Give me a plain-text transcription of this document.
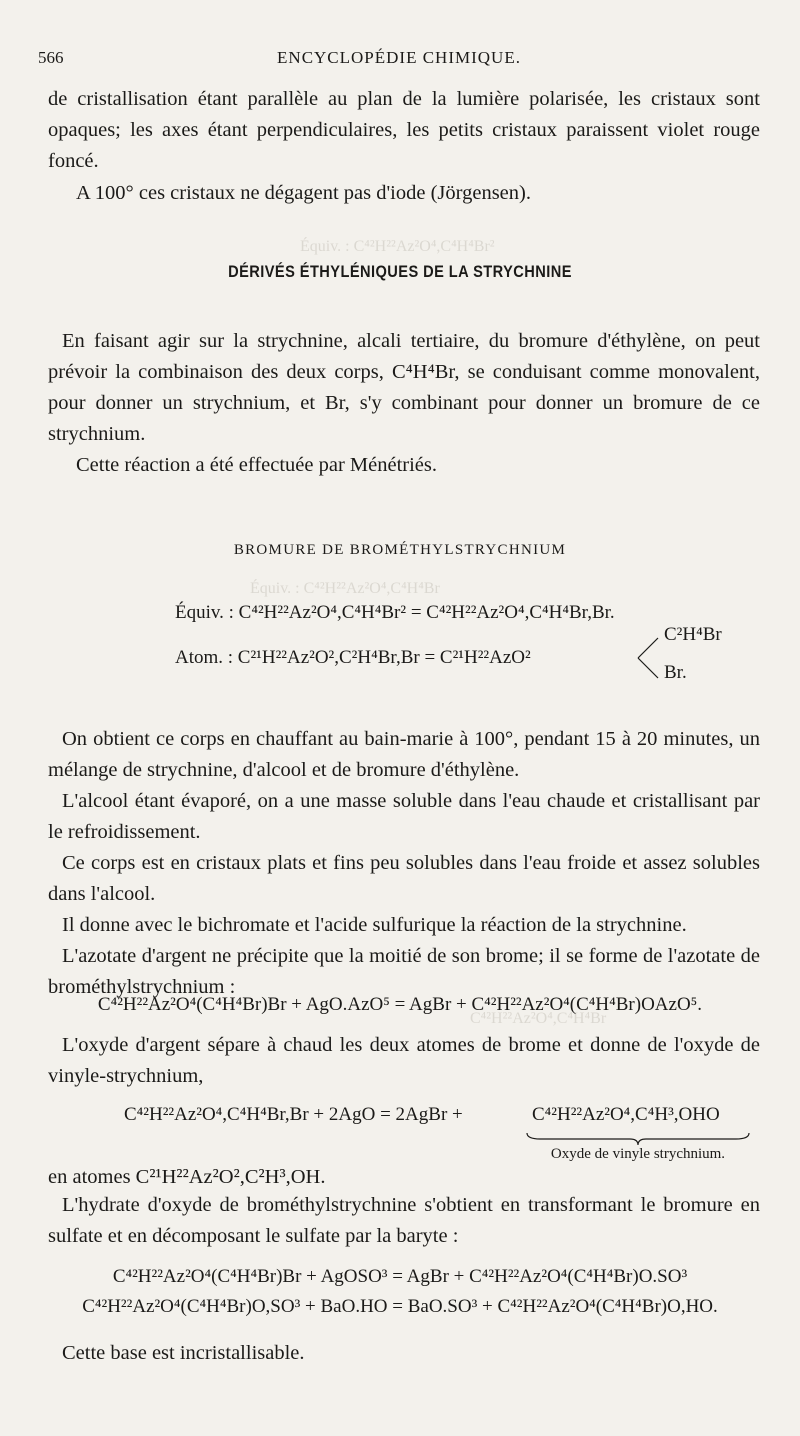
Équiv. : C⁴²H²²Az²O⁴,C⁴H⁴Br²
Équiv. : C⁴²H²²Az²O⁴,C⁴H⁴Br
C⁴²H²²Az²O⁴,C⁴H⁴Br
566	ENCYCLOPÉDIE CHIMIQUE.
de cristallisation étant parallèle au plan de la lumière polarisée, les cristaux sont opaques; les axes étant perpendiculaires, les petits cristaux paraissent violet rouge foncé.
A 100° ces cristaux ne dégagent pas d'iode (Jörgensen).
DÉRIVÉS ÉTHYLÉNIQUES DE LA STRYCHNINE
En faisant agir sur la strychnine, alcali tertiaire, du bromure d'éthylène, on peut prévoir la combinaison des deux corps, C⁴H⁴Br, se conduisant comme monovalent, pour donner un strychnium, et Br, s'y combinant pour donner un bromure de ce strychnium.
Cette réaction a été effectuée par Ménétriés.
BROMURE DE BROMÉTHYLSTRYCHNIUM
Équiv. : C⁴²H²²Az²O⁴,C⁴H⁴Br² = C⁴²H²²Az²O⁴,C⁴H⁴Br,Br.
Atom. : C²¹H²²Az²O²,C²H⁴Br,Br = C²¹H²²AzO²
C²H⁴Br
Br.
On obtient ce corps en chauffant au bain-marie à 100°, pendant 15 à 20 minutes, un mélange de strychnine, d'alcool et de bromure d'éthylène.
L'alcool étant évaporé, on a une masse soluble dans l'eau chaude et cristallisant par le refroidissement.
Ce corps est en cristaux plats et fins peu solubles dans l'eau froide et assez solubles dans l'alcool.
Il donne avec le bichromate et l'acide sulfurique la réaction de la strychnine.
L'azotate d'argent ne précipite que la moitié de son brome; il se forme de l'azotate de brométhylstrychnium :
C⁴²H²²Az²O⁴(C⁴H⁴Br)Br + AgO.AzO⁵ = AgBr + C⁴²H²²Az²O⁴(C⁴H⁴Br)OAzO⁵.
L'oxyde d'argent sépare à chaud les deux atomes de brome et donne de l'oxyde de vinyle-strychnium,
C⁴²H²²Az²O⁴,C⁴H⁴Br,Br + 2AgO = 2AgBr +	C⁴²H²²Az²O⁴,C⁴H³,OHO
Oxyde de vinyle strychnium.
en atomes C²¹H²²Az²O²,C²H³,OH.
L'hydrate d'oxyde de brométhylstrychnine s'obtient en transformant le bromure en sulfate et en décomposant le sulfate par la baryte :
C⁴²H²²Az²O⁴(C⁴H⁴Br)Br + AgOSO³ = AgBr + C⁴²H²²Az²O⁴(C⁴H⁴Br)O.SO³
C⁴²H²²Az²O⁴(C⁴H⁴Br)O,SO³ + BaO.HO = BaO.SO³ + C⁴²H²²Az²O⁴(C⁴H⁴Br)O,HO.
Cette base est incristallisable.
